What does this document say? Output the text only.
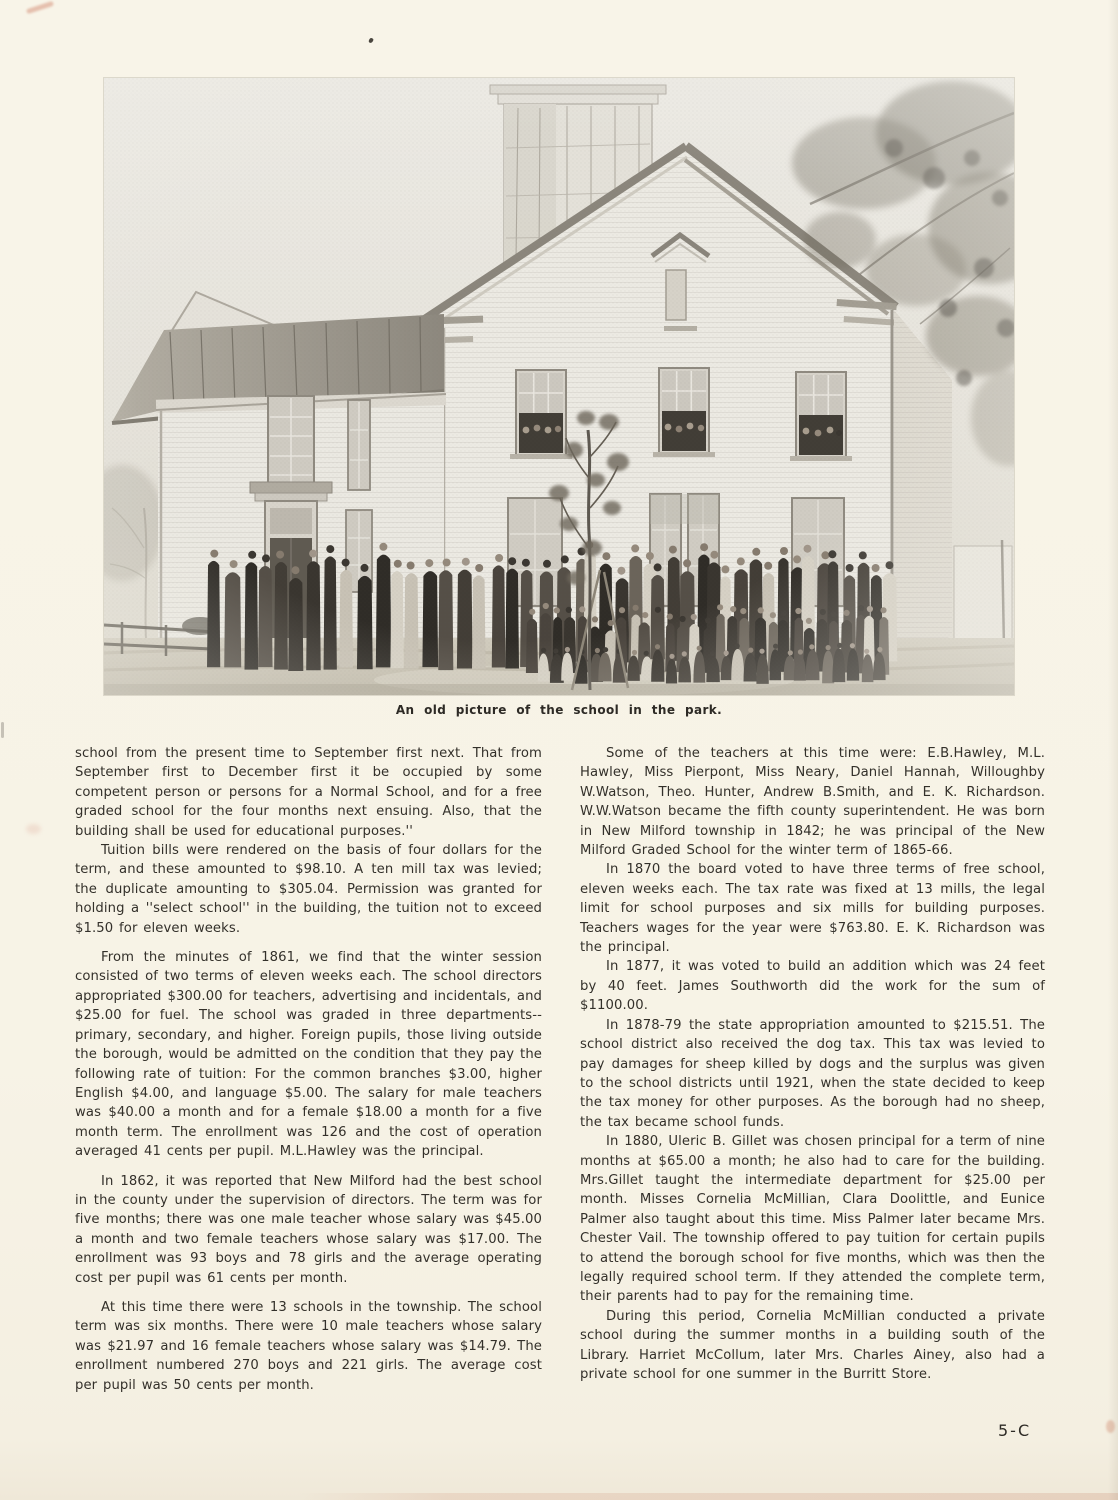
An old picture of the school in the park.

school from the present time to September first next. That from September first to December first it be occupied by some competent person or persons for a Normal School, and for a free graded school for the four months next ensuing. Also, that the building shall be used for educational purposes.''

Tuition bills were rendered on the basis of four dollars for the term, and these amounted to $98.10. A ten mill tax was levied; the duplicate amounting to $305.04. Permission was granted for holding a ''select school'' in the building, the tuition not to exceed $1.50 for eleven weeks.

From the minutes of 1861, we find that the winter session consisted of two terms of eleven weeks each. The school directors appropriated $300.00 for teachers, advertising and incidentals, and $25.00 for fuel. The school was graded in three departments--primary, secondary, and higher. Foreign pupils, those living outside the borough, would be admitted on the condition that they pay the following rate of tuition: For the common branches $3.00, higher English $4.00, and language $5.00. The salary for male teachers was $40.00 a month and for a female $18.00 a month for a five month term. The enrollment was 126 and the cost of operation averaged 41 cents per pupil. M.L.Hawley was the principal.

In 1862, it was reported that New Milford had the best school in the county under the supervision of directors. The term was for five months; there was one male teacher whose salary was $45.00 a month and two female teachers whose salary was $17.00. The enrollment was 93 boys and 78 girls and the average operating cost per pupil was 61 cents per month.

At this time there were 13 schools in the township. The school term was six months. There were 10 male teachers whose salary was $21.97 and 16 female teachers whose salary was $14.79. The enrollment numbered 270 boys and 221 girls. The average cost per pupil was 50 cents per month.

Some of the teachers at this time were: E.B.Hawley, M.L. Hawley, Miss Pierpont, Miss Neary, Daniel Hannah, Willoughby W.Watson, Theo. Hunter, Andrew B.Smith, and E. K. Richardson. W.W.Watson became the fifth county superintendent. He was born in New Milford township in 1842; he was principal of the New Milford Graded School for the winter term of 1865-66.

In 1870 the board voted to have three terms of free school, eleven weeks each. The tax rate was fixed at 13 mills, the legal limit for school purposes and six mills for building purposes. Teachers wages for the year were $763.80. E. K. Richardson was the principal.

In 1877, it was voted to build an addition which was 24 feet by 40 feet. James Southworth did the work for the sum of $1100.00.

In 1878-79 the state appropriation amounted to $215.51. The school district also received the dog tax. This tax was levied to pay damages for sheep killed by dogs and the surplus was given to the school districts until 1921, when the state decided to keep the tax money for other purposes. As the borough had no sheep, the tax became school funds.

In 1880, Uleric B. Gillet was chosen principal for a term of nine months at $65.00 a month; he also had to care for the building. Mrs.Gillet taught the intermediate department for $25.00 per month. Misses Cornelia McMillian, Clara Doolittle, and Eunice Palmer also taught about this time. Miss Palmer later became Mrs. Chester Vail. The township offered to pay tuition for certain pupils to attend the borough school for five months, which was then the legally required school term. If they attended the complete term, their parents had to pay for the remaining time.

During this period, Cornelia McMillian conducted a private school during the summer months in a building south of the Library. Harriet McCollum, later Mrs. Charles Ainey, also had a private school for one summer in the Burritt Store.

5-C
